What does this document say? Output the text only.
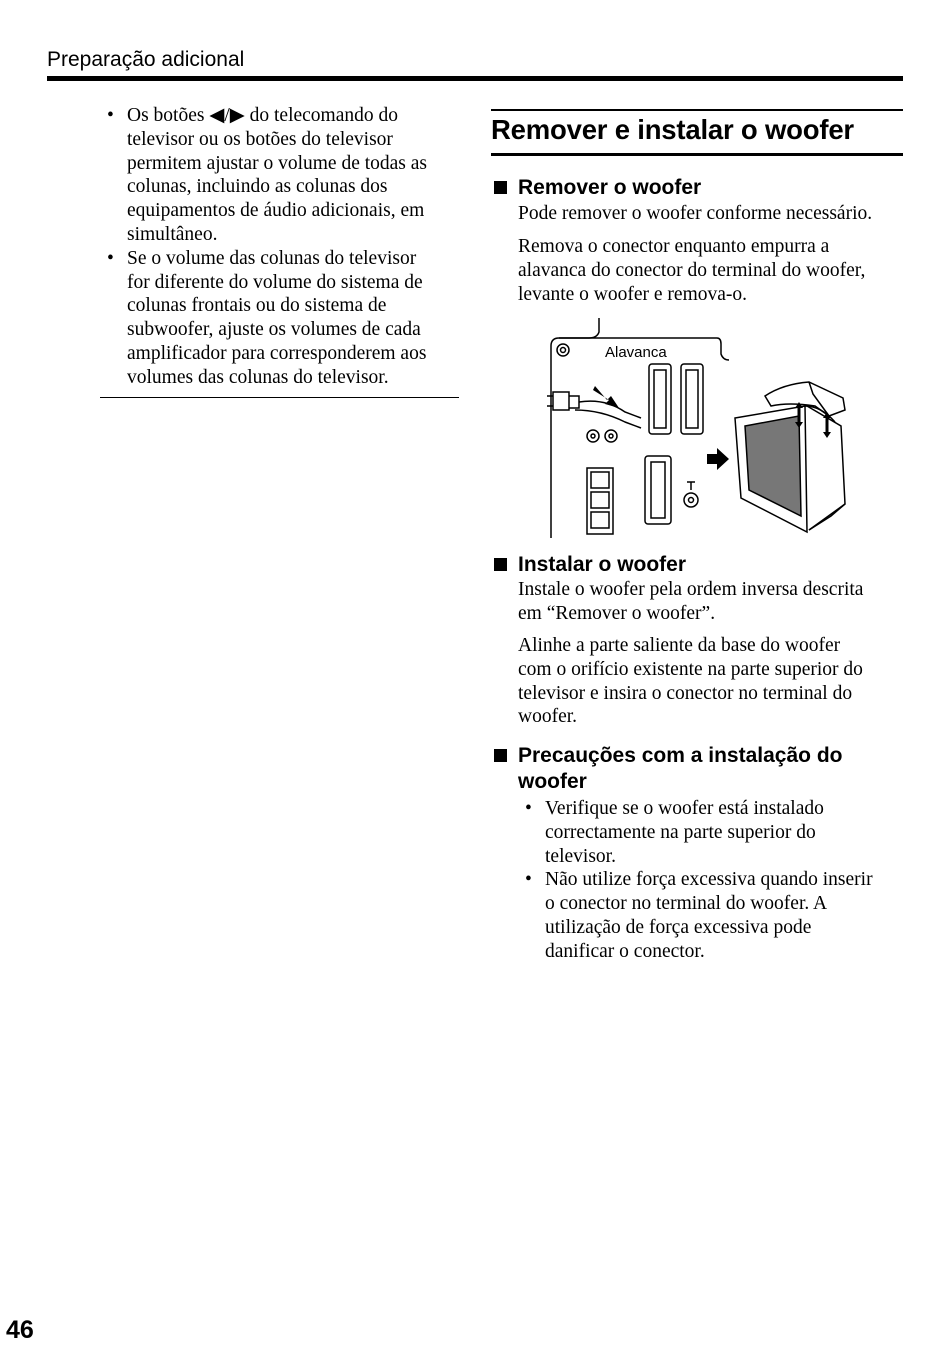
Preparação adicional
• Os botões ◀/▶ do telecomando do
televisor ou os botões do televisor
permitem ajustar o volume de todas as
colunas, incluindo as colunas dos
equipamentos de áudio adicionais, em
simultâneo.
• Se o volume das colunas do televisor
for diferente do volume do sistema de
colunas frontais ou do sistema de
subwoofer, ajuste os volumes de cada
amplificador para corresponderem aos
volumes das colunas do televisor.
Remover e instalar o woofer
Remover o woofer
Pode remover o woofer conforme necessário.
Remova o conector enquanto empurra a
alavanca do conector do terminal do woofer,
levante o woofer e remova-o.
Alavanca
Instalar o woofer
Instale o woofer pela ordem inversa descrita
em “Remover o woofer”.
Alinhe a parte saliente da base do woofer
com o orifício existente na parte superior do
televisor e insira o conector no terminal do
woofer.
Precauções com a instalação do
woofer
• Verifique se o woofer está instalado
correctamente na parte superior do
televisor.
• Não utilize força excessiva quando inserir
o conector no terminal do woofer. A
utilização de força excessiva pode
danificar o conector.
46
